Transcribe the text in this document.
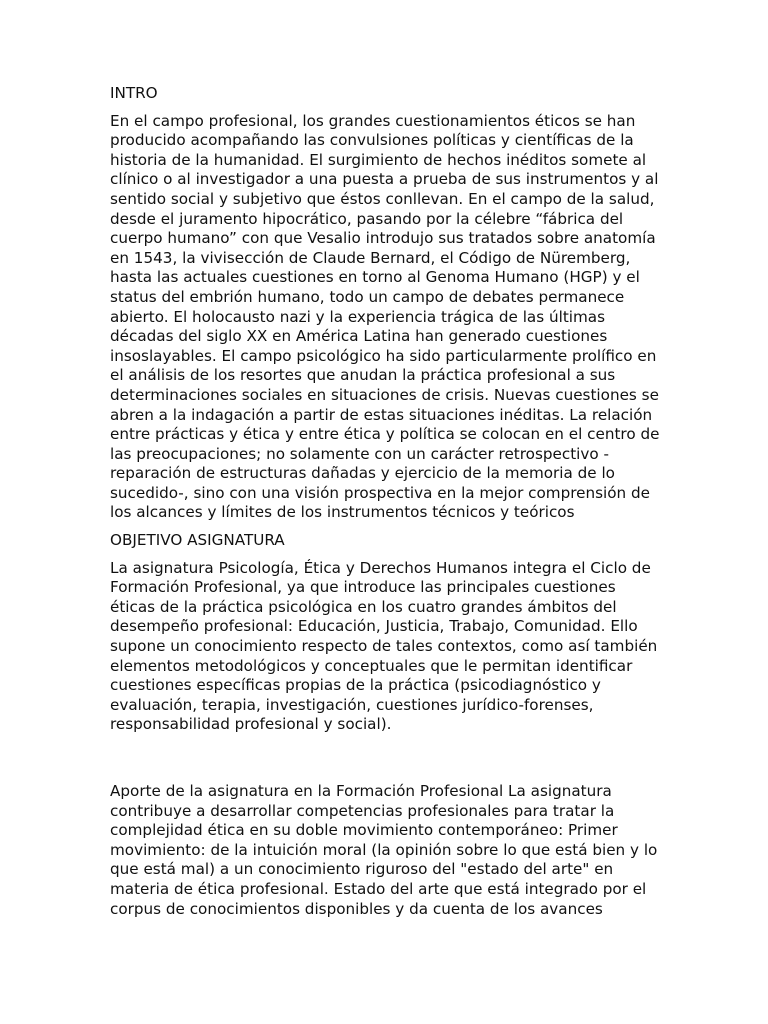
INTRO

En el campo profesional, los grandes cuestionamientos éticos se han producido acompañando las convulsiones políticas y científicas de la historia de la humanidad. El surgimiento de hechos inéditos somete al clínico o al investigador a una puesta a prueba de sus instrumentos y al sentido social y subjetivo que éstos conllevan. En el campo de la salud, desde el juramento hipocrático, pasando por la célebre “fábrica del cuerpo humano” con que Vesalio introdujo sus tratados sobre anatomía en 1543, la vivisección de Claude Bernard, el Código de Nüremberg, hasta las actuales cuestiones en torno al Genoma Humano (HGP) y el status del embrión humano, todo un campo de debates permanece abierto. El holocausto nazi y la experiencia trágica de las últimas décadas del siglo XX en América Latina han generado cuestiones insoslayables. El campo psicológico ha sido particularmente prolífico en el análisis de los resortes que anudan la práctica profesional a sus determinaciones sociales en situaciones de crisis. Nuevas cuestiones se abren a la indagación a partir de estas situaciones inéditas. La relación entre prácticas y ética y entre ética y política se colocan en el centro de las preocupaciones; no solamente con un carácter retrospectivo -reparación de estructuras dañadas y ejercicio de la memoria de lo sucedido-, sino con una visión prospectiva en la mejor comprensión de los alcances y límites de los instrumentos técnicos y teóricos

OBJETIVO ASIGNATURA

La asignatura Psicología, Ética y Derechos Humanos integra el Ciclo de Formación Profesional, ya que introduce las principales cuestiones éticas de la práctica psicológica en los cuatro grandes ámbitos del desempeño profesional: Educación, Justicia, Trabajo, Comunidad. Ello supone un conocimiento respecto de tales contextos, como así también elementos metodológicos y conceptuales que le permitan identificar cuestiones específicas propias de la práctica (psicodiagnóstico y evaluación, terapia, investigación, cuestiones jurídico-forenses, responsabilidad profesional y social).

Aporte de la asignatura en la Formación Profesional La asignatura contribuye a desarrollar competencias profesionales para tratar la complejidad ética en su doble movimiento contemporáneo: Primer movimiento: de la intuición moral (la opinión sobre lo que está bien y lo que está mal) a un conocimiento riguroso del "estado del arte" en materia de ética profesional. Estado del arte que está integrado por el corpus de conocimientos disponibles y da cuenta de los avances
